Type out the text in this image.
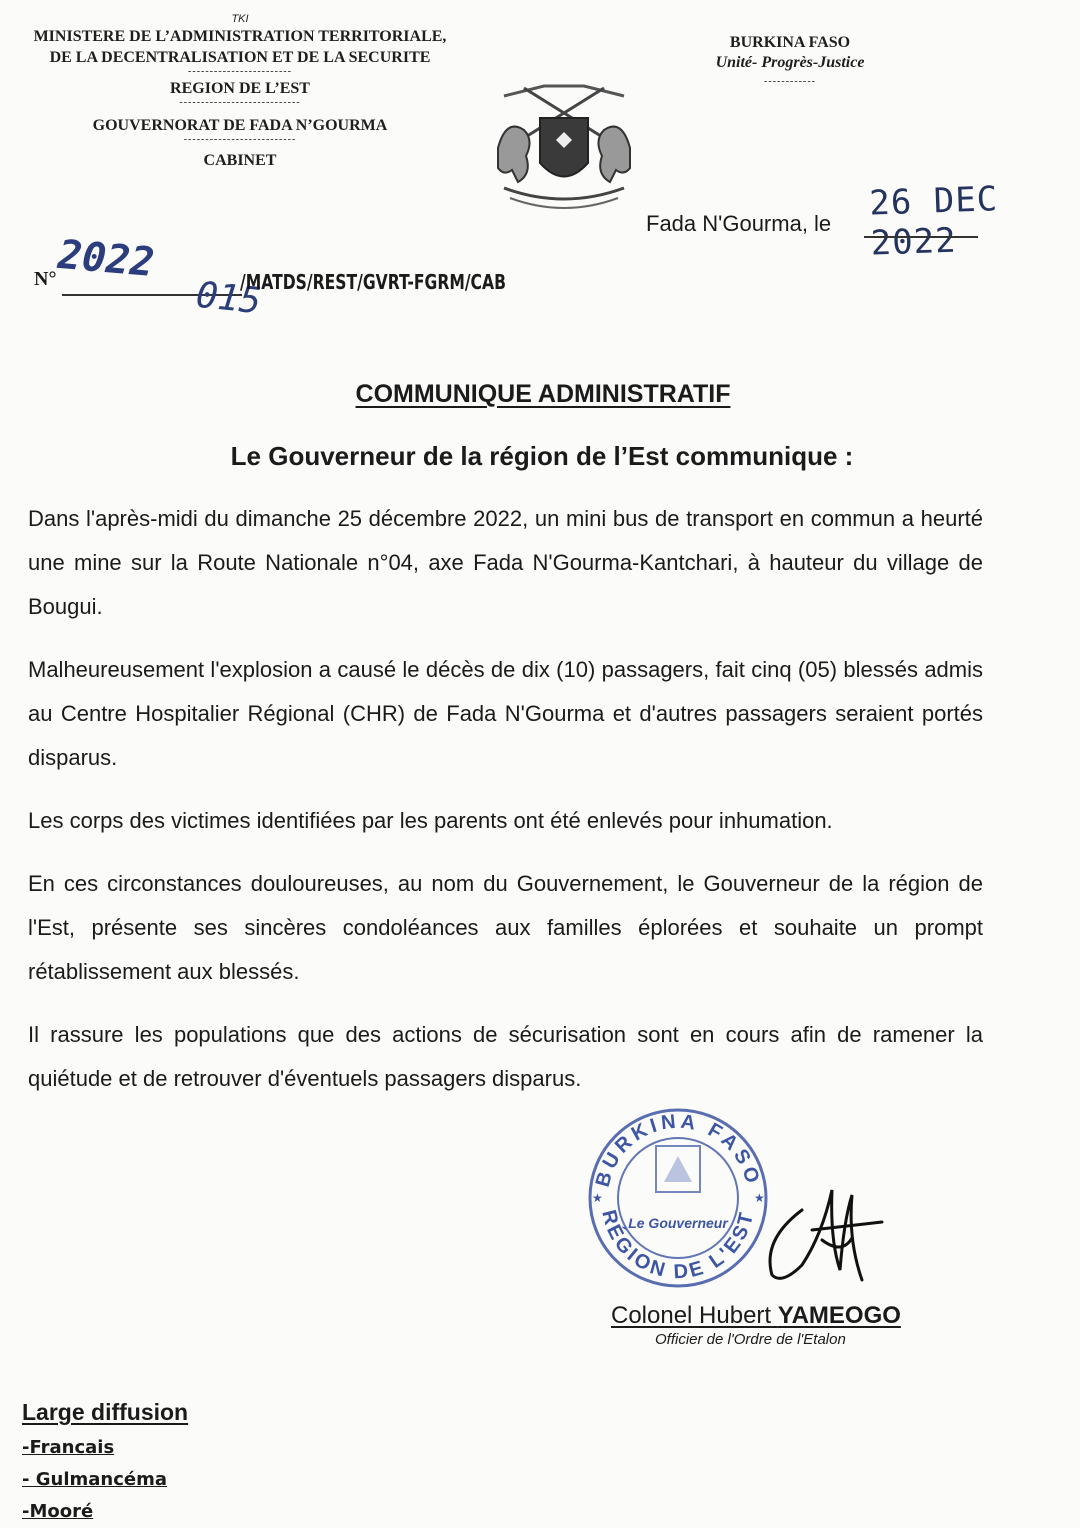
TKI
MINISTERE DE L’ADMINISTRATION TERRITORIALE,
DE LA DECENTRALISATION ET DE LA SECURITE
------------------------
REGION DE L’EST
----------------------------
GOUVERNORAT DE FADA N’GOURMA
--------------------------
CABINET
BURKINA FASO
Unité- Progrès-Justice
------------
Fada N'Gourma, le 26 DEC 2022
N° 2022
015
/MATDS/REST/GVRT-FGRM/CAB
COMMUNIQUE ADMINISTRATIF
Le Gouverneur de la région de l’Est communique :

Dans l'après-midi du dimanche 25 décembre 2022, un mini bus de transport en commun a heurté une mine sur la Route Nationale n°04, axe Fada N'Gourma-Kantchari, à hauteur du village de Bougui.

Malheureusement l'explosion a causé le décès de dix (10) passagers, fait cinq (05) blessés admis au Centre Hospitalier Régional (CHR) de Fada N'Gourma et d'autres passagers seraient portés disparus.

Les corps des victimes identifiées par les parents ont été enlevés pour inhumation.

En ces circonstances douloureuses, au nom du Gouvernement, le Gouverneur de la région de l'Est, présente ses sincères condoléances aux familles éplorées et souhaite un prompt rétablissement aux blessés.

Il rassure les populations que des actions de sécurisation sont en cours afin de ramener la quiétude et de retrouver d'éventuels passagers disparus.

BURKINA FASO
RÉGION DE L'EST
★	★
Le Gouverneur
Colonel Hubert YAMEOGO
Officier de l'Ordre de l'Etalon
Large diffusion
-Francais
- Gulmancéma
-Mooré
